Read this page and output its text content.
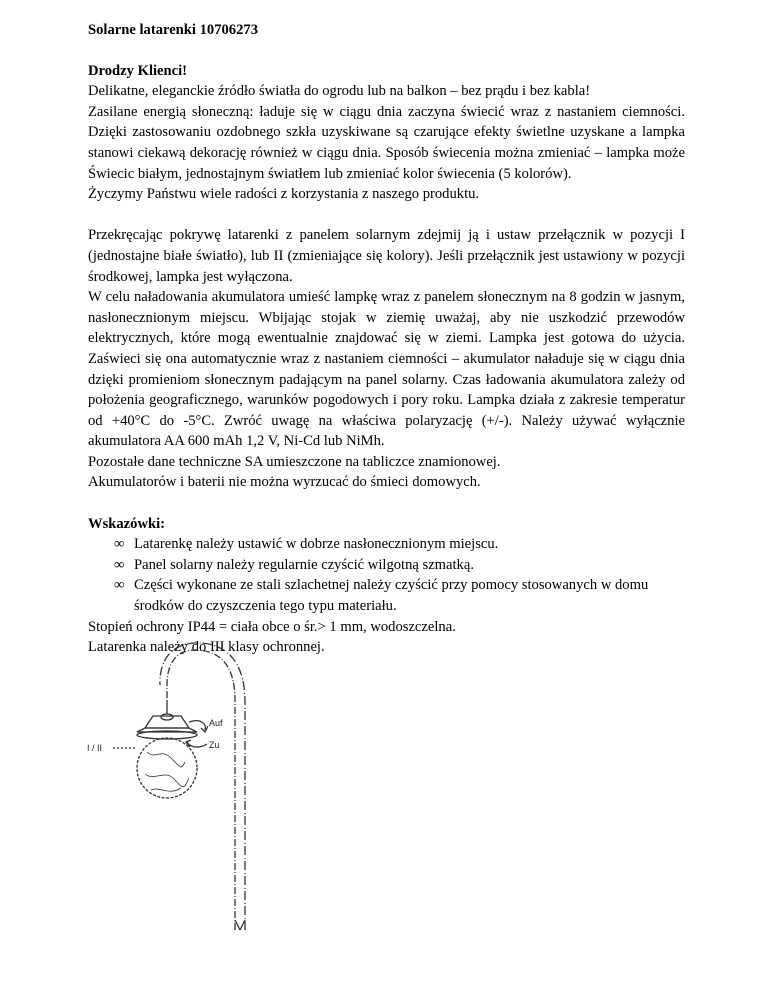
Solarne latarenki 10706273

Drodzy Klienci!

Delikatne, eleganckie źródło światła do ogrodu lub na balkon – bez prądu i bez kabla!

Zasilane energią słoneczną: ładuje się w ciągu dnia zaczyna świecić wraz z nastaniem ciemności. Dzięki zastosowaniu ozdobnego szkła uzyskiwane są czarujące efekty świetlne uzyskane a lampka stanowi ciekawą dekorację również w ciągu dnia. Sposób świecenia można zmieniać – lampka może Świecic białym, jednostajnym światłem lub zmieniać kolor świecenia (5 kolorów).

Życzymy Państwu wiele radości z korzystania z naszego produktu.

Przekręcając pokrywę latarenki z panelem solarnym zdejmij ją i ustaw przełącznik w pozycji I (jednostajne białe światło), lub II (zmieniające się kolory). Jeśli przełącznik jest ustawiony w pozycji środkowej, lampka jest wyłączona.

W celu naładowania akumulatora umieść lampkę wraz z panelem słonecznym na 8 godzin w jasnym, nasłonecznionym miejscu. Wbijając stojak w ziemię uważaj, aby nie uszkodzić przewodów elektrycznych, które mogą ewentualnie znajdować się w ziemi. Lampka jest gotowa do użycia. Zaświeci się ona automatycznie wraz z nastaniem ciemności – akumulator naładuje się w ciągu dnia dzięki promieniom słonecznym padającym na panel solarny. Czas ładowania akumulatora zależy od położenia geograficznego, warunków pogodowych i pory roku. Lampka działa z zakresie temperatur od +40°C do -5°C. Zwróć uwagę na właściwa polaryzację (+/-). Należy używać wyłącznie akumulatora AA 600 mAh 1,2 V, Ni-Cd lub NiMh.

Pozostałe dane techniczne SA umieszczone na tabliczce znamionowej.

Akumulatorów i baterii nie można wyrzucać do śmieci domowych.

Wskazówki:

∞ Latarenkę należy ustawić w dobrze nasłonecznionym miejscu.
∞ Panel solarny należy regularnie czyścić wilgotną szmatką.
∞ Części wykonane ze stali szlachetnej należy czyścić przy pomocy stosowanych w domu środków do czyszczenia tego typu materiału.

Stopień ochrony IP44 = ciała obce o śr.> 1 mm, wodoszczelna.

Latarenka należy do III klasy ochronnej.

I / II
Auf
Zu
